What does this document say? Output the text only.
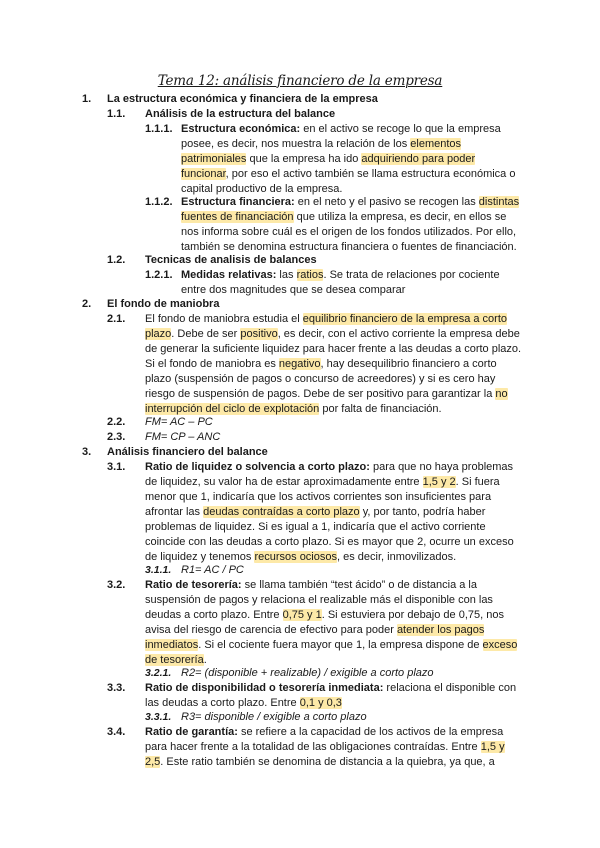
Tema 12: análisis financiero de la empresa
1. La estructura económica y financiera de la empresa
1.1. Análisis de la estructura del balance
1.1.1. Estructura económica: en el activo se recoge lo que la empresa
posee, es decir, nos muestra la relación de los elementos
patrimoniales que la empresa ha ido adquiriendo para poder
funcionar, por eso el activo también se llama estructura económica o
capital productivo de la empresa.
1.1.2. Estructura financiera: en el neto y el pasivo se recogen las distintas
fuentes de financiación que utiliza la empresa, es decir, en ellos se
nos informa sobre cuál es el origen de los fondos utilizados. Por ello,
también se denomina estructura financiera o fuentes de financiación.
1.2. Tecnicas de analisis de balances
1.2.1. Medidas relativas: las ratios. Se trata de relaciones por cociente
entre dos magnitudes que se desea comparar
2. El fondo de maniobra
2.1. El fondo de maniobra estudia el equilibrio financiero de la empresa a corto
plazo. Debe de ser positivo, es decir, con el activo corriente la empresa debe
de generar la suficiente liquidez para hacer frente a las deudas a corto plazo.
Si el fondo de maniobra es negativo, hay desequilibrio financiero a corto
plazo (suspensión de pagos o concurso de acreedores) y si es cero hay
riesgo de suspensión de pagos. Debe de ser positivo para garantizar la no
interrupción del ciclo de explotación por falta de financiación.
2.2. FM= AC – PC
2.3. FM= CP – ANC
3. Análisis financiero del balance
3.1. Ratio de liquidez o solvencia a corto plazo: para que no haya problemas
de liquidez, su valor ha de estar aproximadamente entre 1,5 y 2. Si fuera
menor que 1, indicaría que los activos corrientes son insuficientes para
afrontar las deudas contraídas a corto plazo y, por tanto, podría haber
problemas de liquidez. Si es igual a 1, indicaría que el activo corriente
coincide con las deudas a corto plazo. Si es mayor que 2, ocurre un exceso
de liquidez y tenemos recursos ociosos, es decir, inmovilizados.
3.1.1. R1= AC / PC
3.2. Ratio de tesorería: se llama también “test ácido” o de distancia a la
suspensión de pagos y relaciona el realizable más el disponible con las
deudas a corto plazo. Entre 0,75 y 1. Si estuviera por debajo de 0,75, nos
avisa del riesgo de carencia de efectivo para poder atender los pagos
inmediatos. Si el cociente fuera mayor que 1, la empresa dispone de exceso
de tesorería.
3.2.1. R2= (disponible + realizable) / exigible a corto plazo
3.3. Ratio de disponibilidad o tesorería inmediata: relaciona el disponible con
las deudas a corto plazo. Entre 0,1 y 0,3
3.3.1. R3= disponible / exigible a corto plazo
3.4. Ratio de garantía: se refiere a la capacidad de los activos de la empresa
para hacer frente a la totalidad de las obligaciones contraídas. Entre 1,5 y
2,5. Este ratio también se denomina de distancia a la quiebra, ya que, a
